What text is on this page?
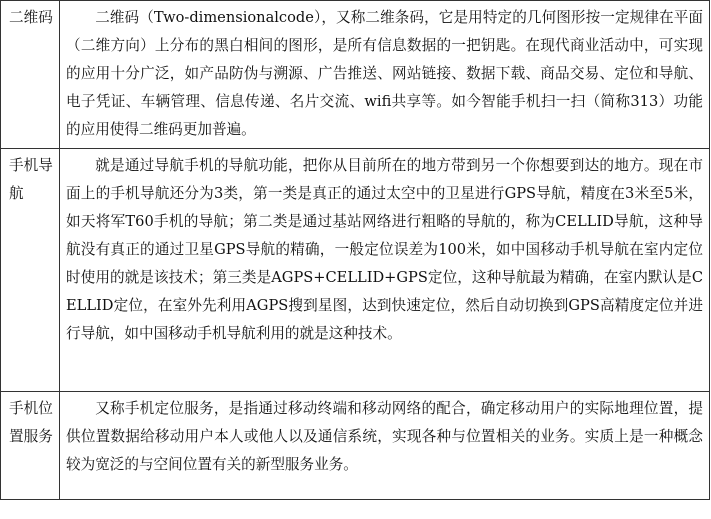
二维码	二维码（Two-dimensionalcode），又称二维条码，它是用特定的几何图形按一定规律在平面（二维方向）上分布的黑白相间的图形，是所有信息数据的一把钥匙。在现代商业活动中，可实现的应用十分广泛，如产品防伪与溯源、广告推送、网站链接、数据下载、商品交易、定位和导航、电子凭证、车辆管理、信息传递、名片交流、wifi共享等。如今智能手机扫一扫（简称313）功能的应用使得二维码更加普遍。
手机导航	就是通过导航手机的导航功能，把你从目前所在的地方带到另一个你想要到达的地方。现在市面上的手机导航还分为3类，第一类是真正的通过太空中的卫星进行GPS导航，精度在3米至5米，如天将军T60手机的导航；第二类是通过基站网络进行粗略的导航的，称为CELLID导航，这种导航没有真正的通过卫星GPS导航的精确，一般定位误差为100米，如中国移动手机导航在室内定位时使用的就是该技术；第三类是AGPS+CELLID+GPS定位，这种导航最为精确，在室内默认是CELLID定位，在室外先利用AGPS搜到星图，达到快速定位，然后自动切换到GPS高精度定位并进行导航，如中国移动手机导航利用的就是这种技术。
手机位置服务	又称手机定位服务，是指通过移动终端和移动网络的配合，确定移动用户的实际地理位置，提供位置数据给移动用户本人或他人以及通信系统，实现各种与位置相关的业务。实质上是一种概念较为宽泛的与空间位置有关的新型服务业务。
